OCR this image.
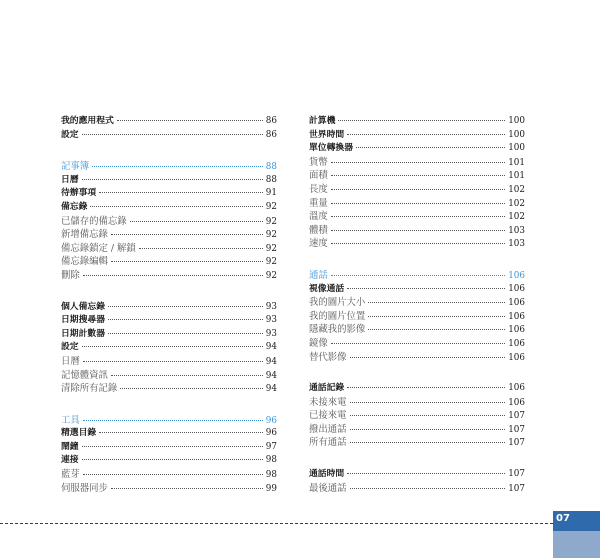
我的應用程式	86
設定	86
記事簿	88
日曆	88
待辦事項	91
備忘錄	92
已儲存的備忘錄	92
新增備忘錄	92
備忘錄鎖定 / 解鎖	92
備忘錄編輯	92
刪除	92
個人備忘錄	93
日期搜尋器	93
日期計數器	93
設定	94
日曆	94
記憶體資訊	94
清除所有記錄	94
工具	96
精選目錄	96
鬧鐘	97
連接	98
藍芽	98
伺服器同步	99
計算機	100
世界時間	100
單位轉換器	100
貨幣	101
面積	101
長度	102
重量	102
溫度	102
體積	103
速度	103
通話	106
視像通話	106
我的圖片大小	106
我的圖片位置	106
隱藏我的影像	106
鏡像	106
替代影像	106
通話記錄	106
未接來電	106
已接來電	107
撥出通話	107
所有通話	107
通話時間	107
最後通話	107
07
